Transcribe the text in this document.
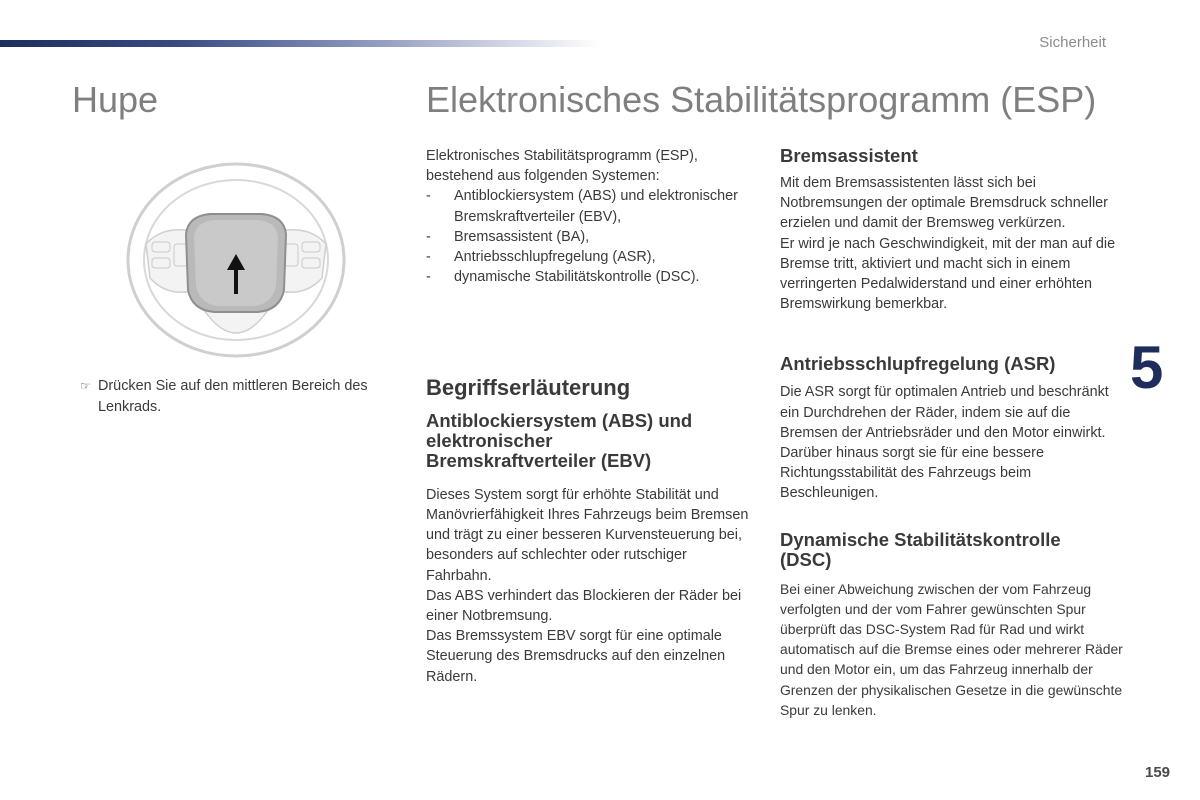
Sicherheit
5
159
Hupe	Elektronisches Stabilitätsprogramm (ESP)
☞ Drücken Sie auf den mittleren Bereich des Lenkrads.

Elektronisches Stabilitätsprogramm (ESP), bestehend aus folgenden Systemen:

- Antiblockiersystem (ABS) und elektronischer Bremskraftverteiler (EBV),
- Bremsassistent (BA),
- Antriebsschlupfregelung (ASR),
- dynamische Stabilitätskontrolle (DSC).
Begriffserläuterung
Antiblockiersystem (ABS) und elektronischer Bremskraftverteiler (EBV)

Dieses System sorgt für erhöhte Stabilität und Manövrierfähigkeit Ihres Fahrzeugs beim Bremsen und trägt zu einer besseren Kurvensteuerung bei, besonders auf schlechter oder rutschiger Fahrbahn.
Das ABS verhindert das Blockieren der Räder bei einer Notbremsung.
Das Bremssystem EBV sorgt für eine optimale Steuerung des Bremsdrucks auf den einzelnen Rädern.

Bremsassistent

Mit dem Bremsassistenten lässt sich bei Notbremsungen der optimale Bremsdruck schneller erzielen und damit der Bremsweg verkürzen.
Er wird je nach Geschwindigkeit, mit der man auf die Bremse tritt, aktiviert und macht sich in einem verringerten Pedalwiderstand und einer erhöhten Bremswirkung bemerkbar.

Antriebsschlupfregelung (ASR)

Die ASR sorgt für optimalen Antrieb und beschränkt ein Durchdrehen der Räder, indem sie auf die Bremsen der Antriebsräder und den Motor einwirkt. Darüber hinaus sorgt sie für eine bessere Richtungsstabilität des Fahrzeugs beim Beschleunigen.

Dynamische Stabilitätskontrolle (DSC)

Bei einer Abweichung zwischen der vom Fahrzeug verfolgten und der vom Fahrer gewünschten Spur überprüft das DSC-System Rad für Rad und wirkt automatisch auf die Bremse eines oder mehrerer Räder und den Motor ein, um das Fahrzeug innerhalb der Grenzen der physikalischen Gesetze in die gewünschte Spur zu lenken.
